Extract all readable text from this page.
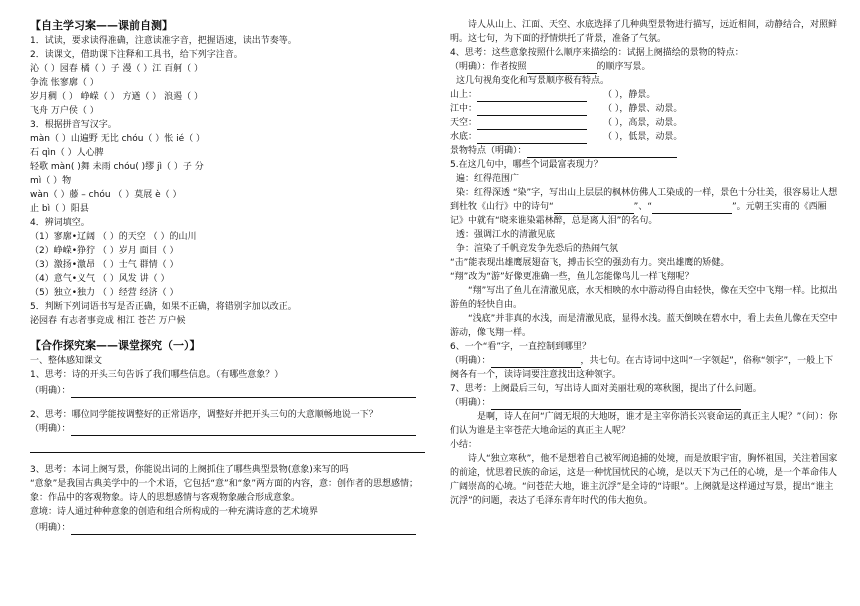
【自主学习案——课前自测】
1．试读，要求读得准确，注意读准字音，把握语速，读出节奏等。
2．读课文，借助课下注释和工具书，给下列字注音。
沁（ ）园春 橘（ ）子 漫（ ）江 百舸（ ）
争流 怅寥廓（ ）
岁月稠（ ） 峥嵘（ ） 方遒（ ） 浪遏（ ）
飞舟 万户侯（ ）
3．根据拼音写汉字。
màn（ ）山遍野 无比 chóu（ ）怅 ié（ ）
石 qìn（ ）人心脾
轻歌 màn( )舞 未雨 chóu( )缪 jì（ ）子 分
mì（ ）物
wàn（ ）藤 – chóu （ ）莫展 è（ ）
止 bì（ ）阳县
4．辨词填空。
（1）寥廓•辽阔 （ ）的天空 （ ）的山川
（2）峥嵘•狰狞 （ ）岁月 面目（ ）
（3）激扬•激昂 （ ）士气 群情（ ）
（4）意气•义气 （ ）风发 讲（ ）
（5）独立•独力 （ ）经营 经济（ ）
5．判断下列词语书写是否正确，如果不正确，将错别字加以改正。
泌园春 有志者事竞成 相江 苍芒 万户候
【合作探究案——课堂探究（一）】
一、整体感知课文
1、思考：诗的开头三句告诉了我们哪些信息。（有哪些意象？）
（明确）：
2、思考：哪位同学能按调整好的正常语序，调整好并把开头三句的大意顺畅地说一下？
（明确）：
3、思考：本词上阕写景，你能说出词的上阕抓住了哪些典型景物(意象)来写的吗
“意象”是我国古典美学中的一个术语，它包括“意”和“象”两方面的内容，意：创作者的思想感情；象：作品中的客观物象。诗人的思想感情与客观物象融合形成意象。
意境：诗人通过种种意象的创造和组合所构成的一种充满诗意的艺术境界
（明确）：
诗人从山上、江面、天空、水底选择了几种典型景物进行描写，远近相间，动静结合，对照鲜明。这七句，为下面的抒情烘托了背景，准备了气氛。
4、思考：这些意象按照什么顺序来描绘的：试据上阕描绘的景物的特点：
（明确）：作者按照	的顺序写景。
这几句视角变化和写景顺序极有特点。
山上：	（ ），静景。
江中：	（ ），静景、动景。
天空：	（ ），高景，动景。
水底：	（ ），低景，动景。
景物特点（明确）：
5.在这几句中，哪些个词最富表现力？
遍：红得范围广
染：红得深透 “染”字，写出山上层层的枫林仿佛人工染成的一样，景色十分壮美，很容易让人想到杜牧《山行》中的诗句“	”、“	”。元朝王实甫的《西厢记》中就有“晓来谁染霜林醉，总是离人泪”的名句。
透：强调江水的清澈见底
争：渲染了千帆竞发争先恐后的热闹气氛
“击”能表现出雄鹰展翅奋飞，搏击长空的强劲有力。突出雄鹰的矫健。
“翔”改为“游”好像更准确一些，鱼儿怎能像鸟儿一样飞翔呢？
“翔”写出了鱼儿在清澈见底，水天相映的水中游动得自由轻快，像在天空中飞翔一样。比拟出游鱼的轻快自由。
“浅底”并非真的水浅，而是清澈见底，显得水浅。蓝天倒映在碧水中，看上去鱼儿像在天空中游动，像飞翔一样。
6、一个“看”字，一直控制到哪里？
（明确）：	，共七句。在古诗词中这叫“一字领起”，俗称“领字”，一般上下阕各有一个，读诗词要注意找出这种领字。
7、思考：上阕最后三句，写出诗人面对美丽壮观的寒秋图，提出了什么问题。
（明确）：
是啊，诗人在问“广阔无垠的大地呀，谁才是主宰你消长兴衰命运的真正主人呢？”（问）：你们认为谁是主宰苍茫大地命运的真正主人呢？
小结：
诗人“独立寒秋”，他不是想着自己被军阀追捕的处境，而是放眼宇宙，胸怀祖国，关注着国家的前途，忧思着民族的命运，这是一种忧国忧民的心境，是以天下为己任的心境，是一个革命伟人广阔崇高的心境。“问苍茫大地，谁主沉浮”是全诗的“诗眼”。上阕就是这样通过写景，提出“谁主沉浮”的问题，表达了毛泽东青年时代的伟大抱负。
